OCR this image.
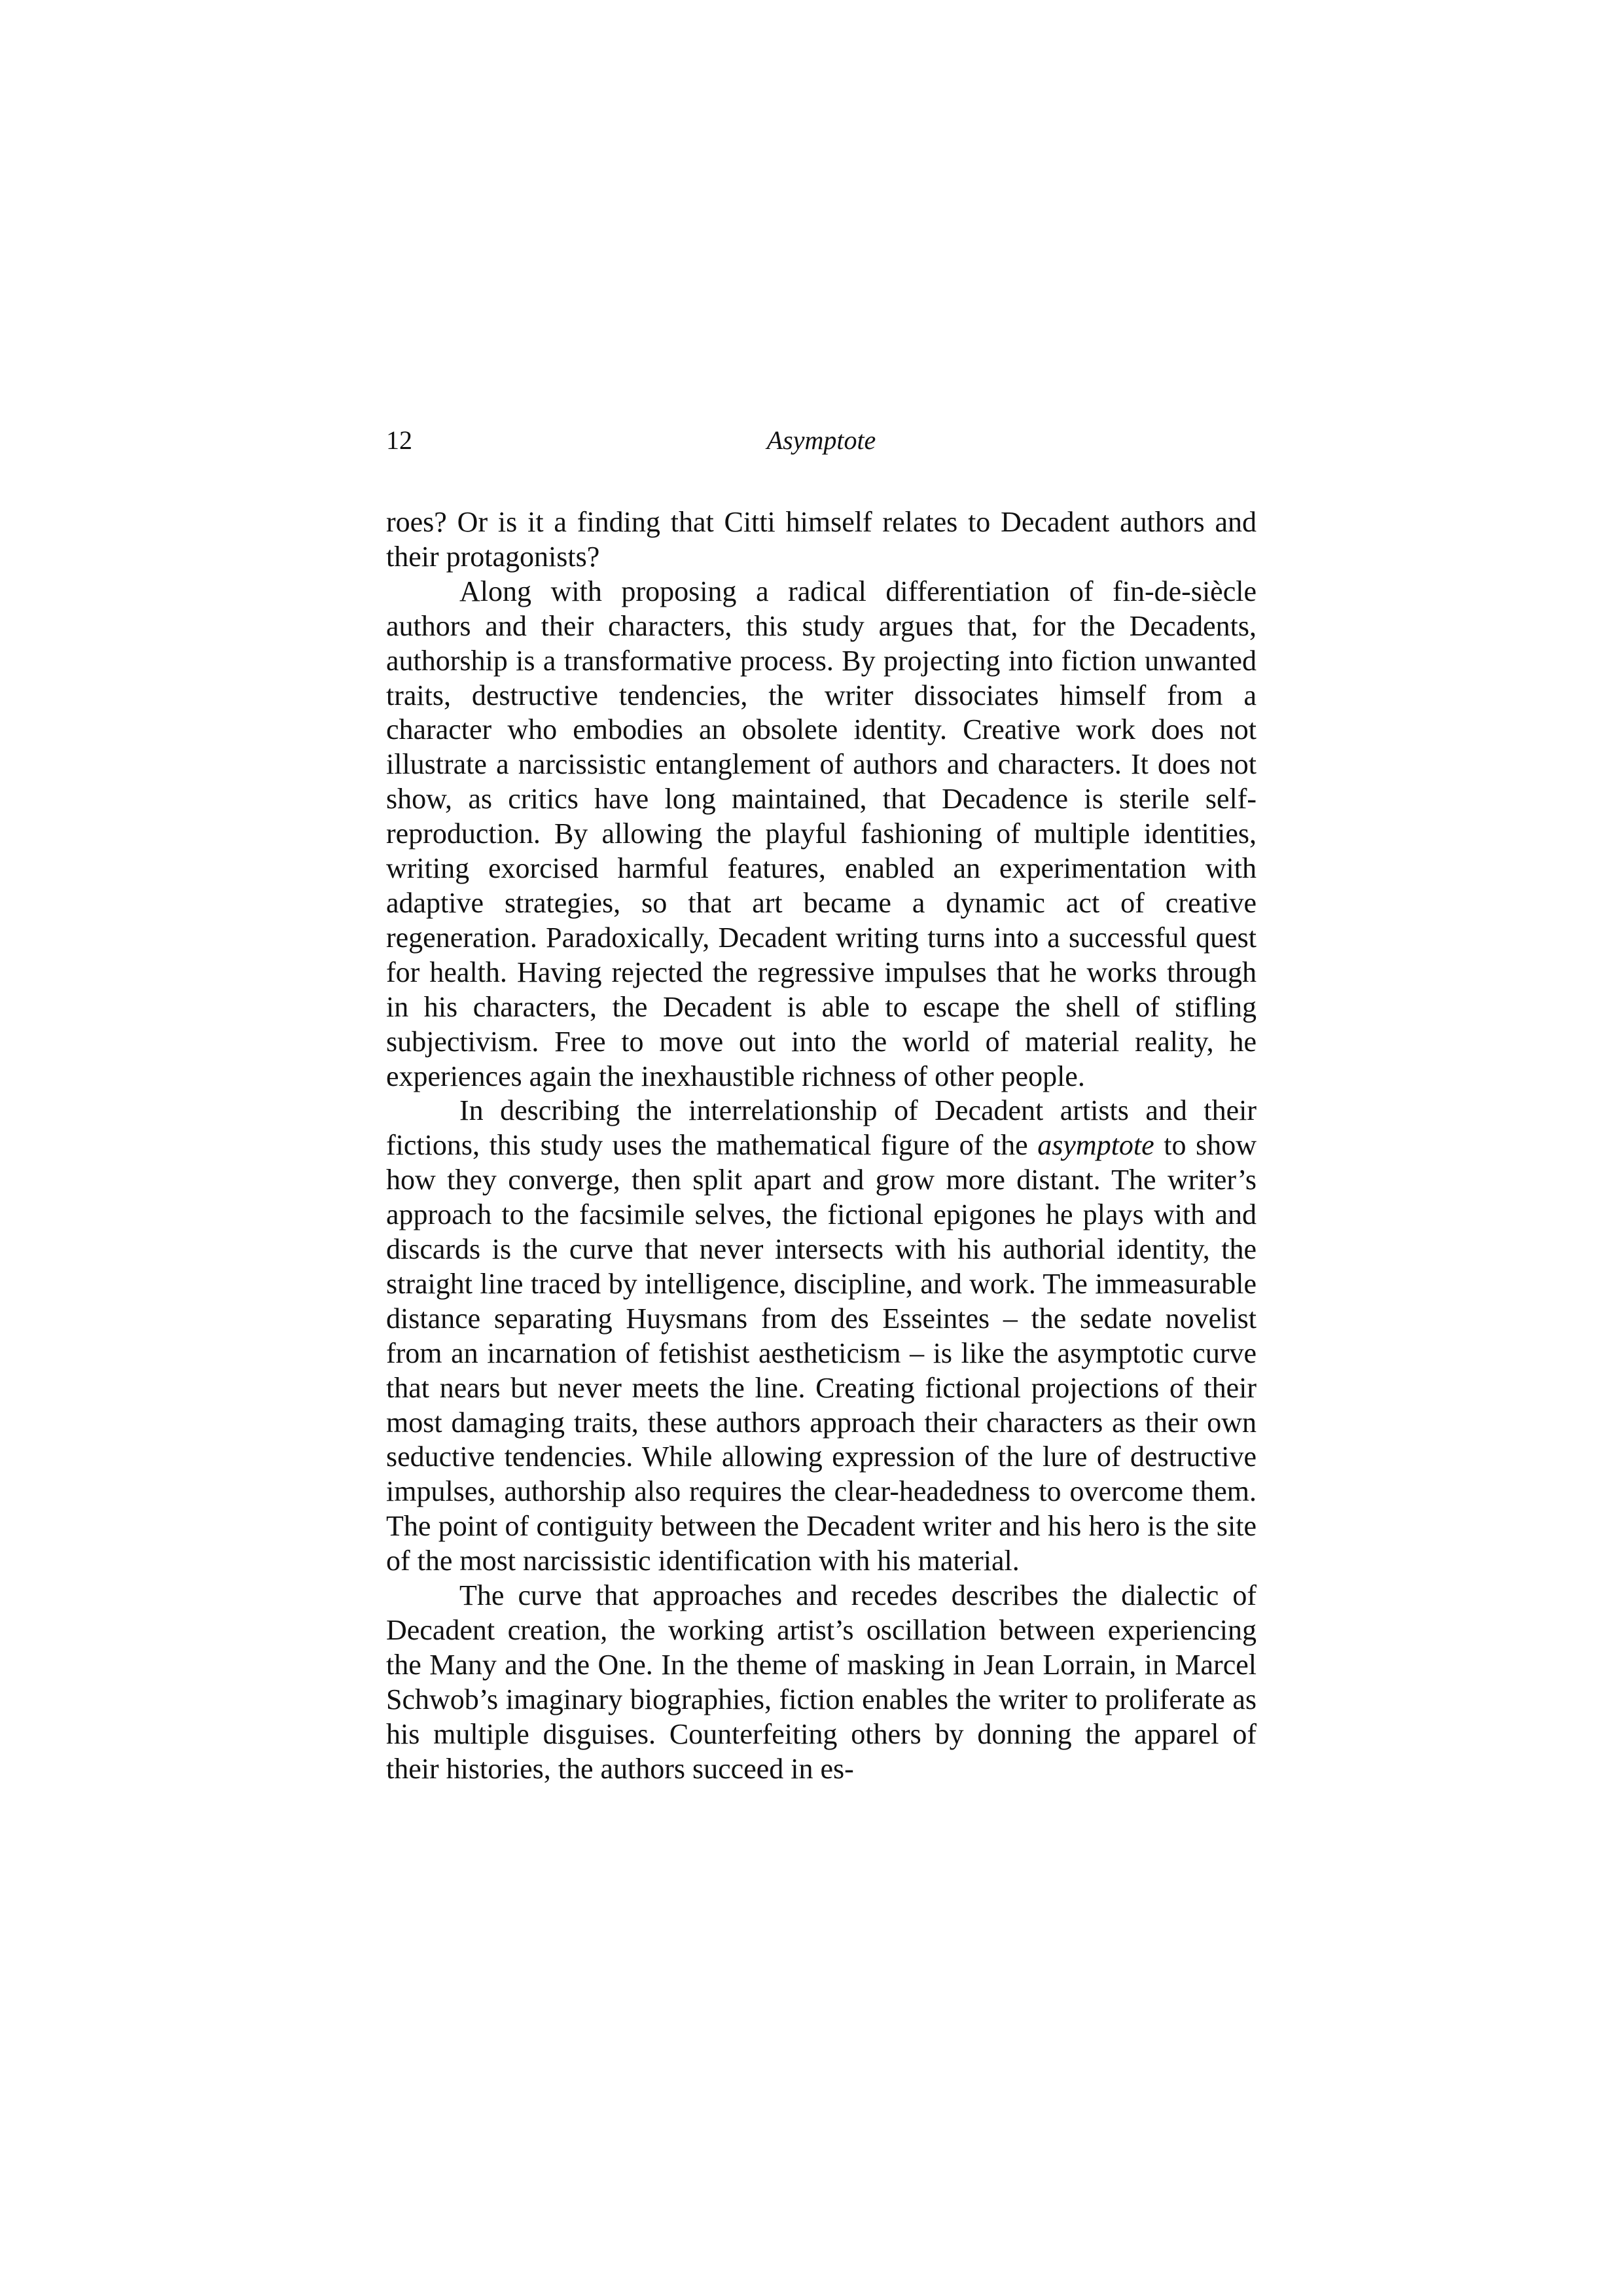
12	Asymptote

roes? Or is it a finding that Citti himself relates to Decadent authors and their protagonists?

Along with proposing a radical differentiation of fin-de-siècle authors and their characters, this study argues that, for the Decadents, authorship is a transformative process. By projecting into fiction unwanted traits, destructive tendencies, the writer dissociates himself from a character who embodies an obsolete identity. Creative work does not illustrate a narcissistic entanglement of authors and characters. It does not show, as critics have long maintained, that Decadence is sterile self-reproduction. By allowing the playful fashioning of multiple identities, writing exorcised harmful features, enabled an experimentation with adaptive strategies, so that art became a dynamic act of creative regeneration. Paradoxically, Decadent writing turns into a successful quest for health. Having rejected the regressive impulses that he works through in his characters, the Decadent is able to escape the shell of stifling subjectivism. Free to move out into the world of material reality, he experiences again the inexhaustible richness of other people.

In describing the interrelationship of Decadent artists and their fictions, this study uses the mathematical figure of the asymptote to show how they converge, then split apart and grow more distant. The writer’s approach to the facsimile selves, the fictional epigones he plays with and discards is the curve that never intersects with his authorial identity, the straight line traced by intelligence, discipline, and work. The immeasurable distance separating Huysmans from des Esseintes – the sedate novelist from an incarnation of fetishist aestheticism – is like the asymptotic curve that nears but never meets the line. Creating fictional projections of their most damaging traits, these authors approach their characters as their own seductive tendencies. While allowing expression of the lure of destructive impulses, authorship also requires the clear-headedness to overcome them. The point of contiguity between the Decadent writer and his hero is the site of the most narcissistic identification with his material.

The curve that approaches and recedes describes the dialectic of Decadent creation, the working artist’s oscillation between experiencing the Many and the One. In the theme of masking in Jean Lorrain, in Marcel Schwob’s imaginary biographies, fiction enables the writer to proliferate as his multiple disguises. Counterfeiting others by donning the apparel of their histories, the authors succeed in es-
